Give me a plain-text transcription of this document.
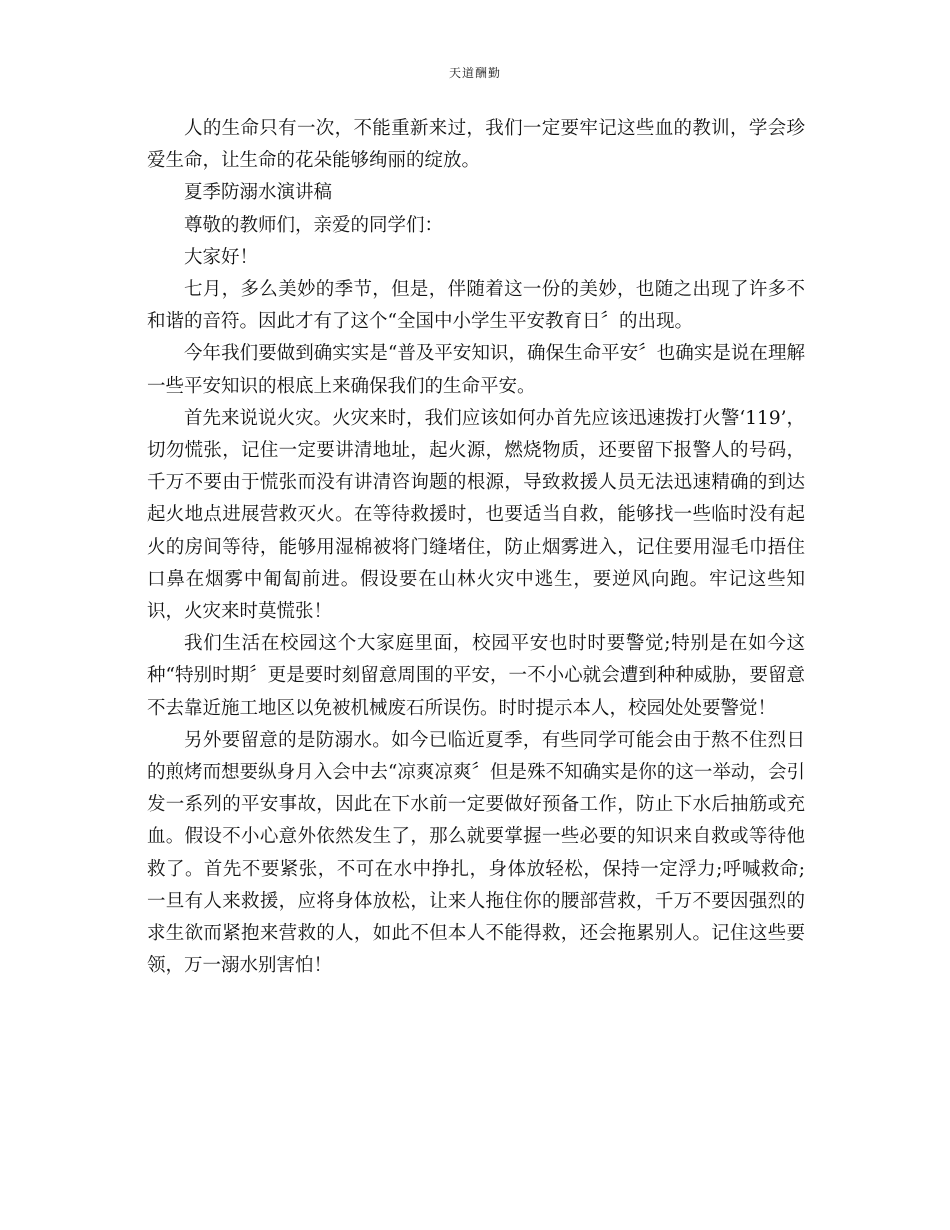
天道酬勤

人的生命只有一次，不能重新来过，我们一定要牢记这些血的教训，学会珍爱生命，让生命的花朵能够绚丽的绽放。

夏季防溺水演讲稿

尊敬的教师们，亲爱的同学们：

大家好！

七月，多么美妙的季节，但是，伴随着这一份的美妙，也随之出现了许多不和谐的音符。因此才有了这个“全国中小学生平安教育日〞的出现。

今年我们要做到确实实是“普及平安知识，确保生命平安〞也确实是说在理解一些平安知识的根底上来确保我们的生命平安。

首先来说说火灾。火灾来时，我们应该如何办首先应该迅速拨打火警‘119’，切勿慌张，记住一定要讲清地址，起火源，燃烧物质，还要留下报警人的号码，千万不要由于慌张而没有讲清咨询题的根源，导致救援人员无法迅速精确的到达起火地点进展营救灭火。在等待救援时，也要适当自救，能够找一些临时没有起火的房间等待，能够用湿棉被将门缝堵住，防止烟雾进入，记住要用湿毛巾捂住口鼻在烟雾中匍匐前进。假设要在山林火灾中逃生，要逆风向跑。牢记这些知识，火灾来时莫慌张！

我们生活在校园这个大家庭里面，校园平安也时时要警觉;特别是在如今这种“特别时期〞更是要时刻留意周围的平安，一不小心就会遭到种种威胁，要留意不去靠近施工地区以免被机械废石所误伤。时时提示本人，校园处处要警觉！

另外要留意的是防溺水。如今已临近夏季，有些同学可能会由于熬不住烈日的煎烤而想要纵身月入会中去“凉爽凉爽〞但是殊不知确实是你的这一举动，会引发一系列的平安事故，因此在下水前一定要做好预备工作，防止下水后抽筋或充血。假设不小心意外依然发生了，那么就要掌握一些必要的知识来自救或等待他救了。首先不要紧张，不可在水中挣扎，身体放轻松，保持一定浮力;呼喊救命;一旦有人来救援，应将身体放松，让来人拖住你的腰部营救，千万不要因强烈的求生欲而紧抱来营救的人，如此不但本人不能得救，还会拖累别人。记住这些要领，万一溺水别害怕！
